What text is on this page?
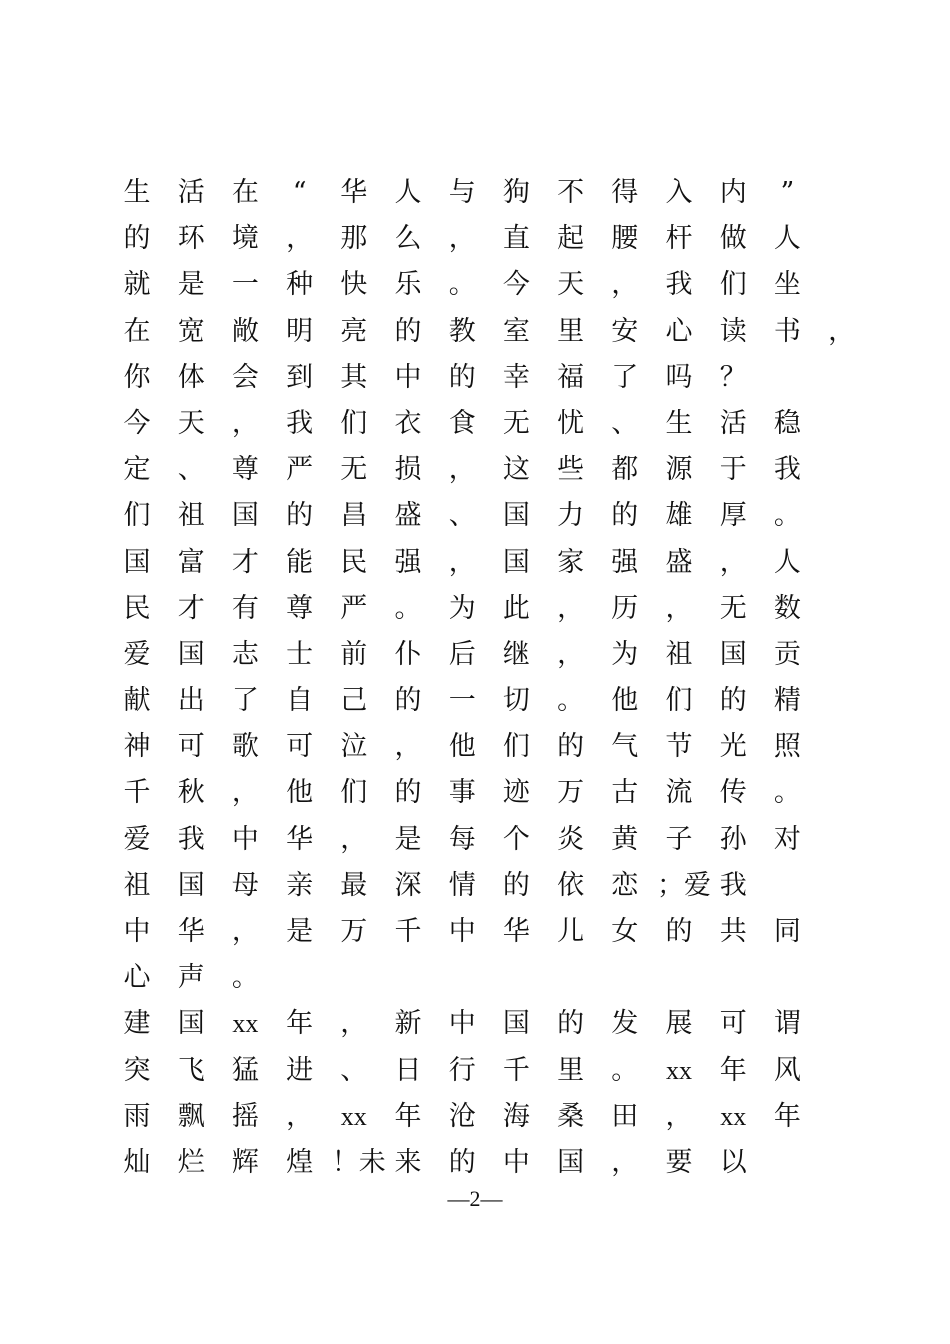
生	活	在	“	华	人	与	狗	不	得	入	内	”
的	环	境	，	那	么	，	直	起	腰	杆	做	人
就	是	一	种	快	乐	。	今	天	，	我	们	坐
在	宽	敞	明	亮	的	教	室	里	安	心	读	书	，
你	体	会	到	其	中	的	幸	福	了	吗	？
今	天	，	我	们	衣	食	无	忧	、	生	活	稳
定	、	尊	严	无	损	，	这	些	都	源	于	我
们	祖	国	的	昌	盛	、	国	力	的	雄	厚	。
国	富	才	能	民	强	，	国	家	强	盛	，	人
民	才	有	尊	严	。	为	此	，	历	，	无	数
爱	国	志	士	前	仆	后	继	，	为	祖	国	贡
献	出	了	自	己	的	一	切	。	他	们	的	精
神	可	歌	可	泣	，	他	们	的	气	节	光	照
千	秋	，	他	们	的	事	迹	万	古	流	传	。
爱	我	中	华	，	是	每	个	炎	黄	子	孙	对
祖	国	母	亲	最	深	情	的	依	恋 ；爱 我
中	华	，	是	万	千	中	华	儿	女	的	共	同
心	声	。
建	国	xx	年	，	新	中	国	的	发	展	可	谓
突	飞	猛	进	、	日	行	千	里	。	xx	年	风
雨	飘	摇	，	xx	年	沧	海	桑	田	，	xx	年
灿	烂	辉	煌 ！未 来	的	中	国	，	要	以
—2—
